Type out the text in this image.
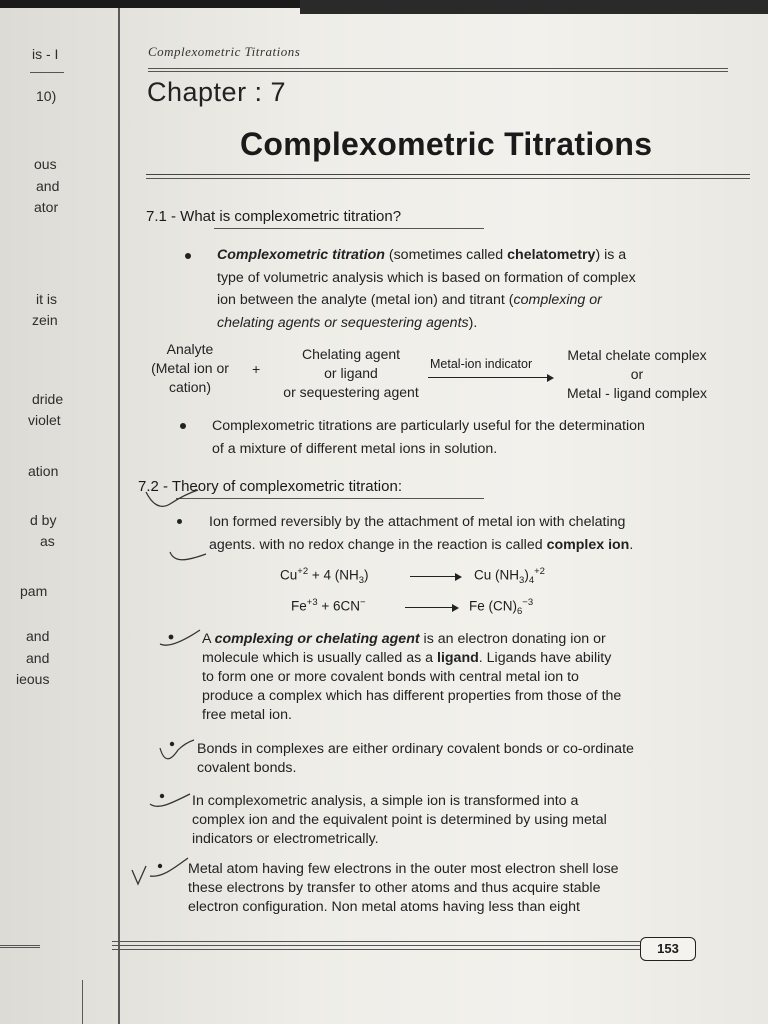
is - I
10)
ous
and
ator
it is
zein
dride
violet
ation
d by
as
pam
and
and
ieous
Complexometric Titrations
Chapter : 7
Complexometric Titrations
7.1 - What is complexometric titration?

Complexometric titration (sometimes called chelatometry) is a

type of volumetric analysis which is based on formation of complex

ion between the analyte (metal ion) and titrant (complexing or

chelating agents or sequestering agents).

Analyte
(Metal ion or
cation)
+
Chelating agent
or ligand
or sequestering agent
Metal-ion indicator
Metal chelate complex
or
Metal - ligand complex

Complexometric titrations are particularly useful for the determination

of a mixture of different metal ions in solution.

7.2 - Theory of complexometric titration:

Ion formed reversibly by the attachment of metal ion with chelating

agents. with no redox change in the reaction is called complex ion.

$Cu^{+2} + 4$ $(NH_3)$	Cu $(NH_3)_4^{+2}$
$Fe^{+3} + 6CN^-$	Fe $(CN)_6^{-3}$

A complexing or chelating agent is an electron donating ion or

molecule which is usually called as a ligand. Ligands have ability

to form one or more covalent bonds with central metal ion to

produce a complex which has different properties from those of the

free metal ion.

Bonds in complexes are either ordinary covalent bonds or co-ordinate

covalent bonds.

In complexometric analysis, a simple ion is transformed into a

complex ion and the equivalent point is determined by using metal

indicators or electrometrically.

Metal atom having few electrons in the outer most electron shell lose

these electrons by transfer to other atoms and thus acquire stable

electron configuration. Non metal atoms having less than eight

153
